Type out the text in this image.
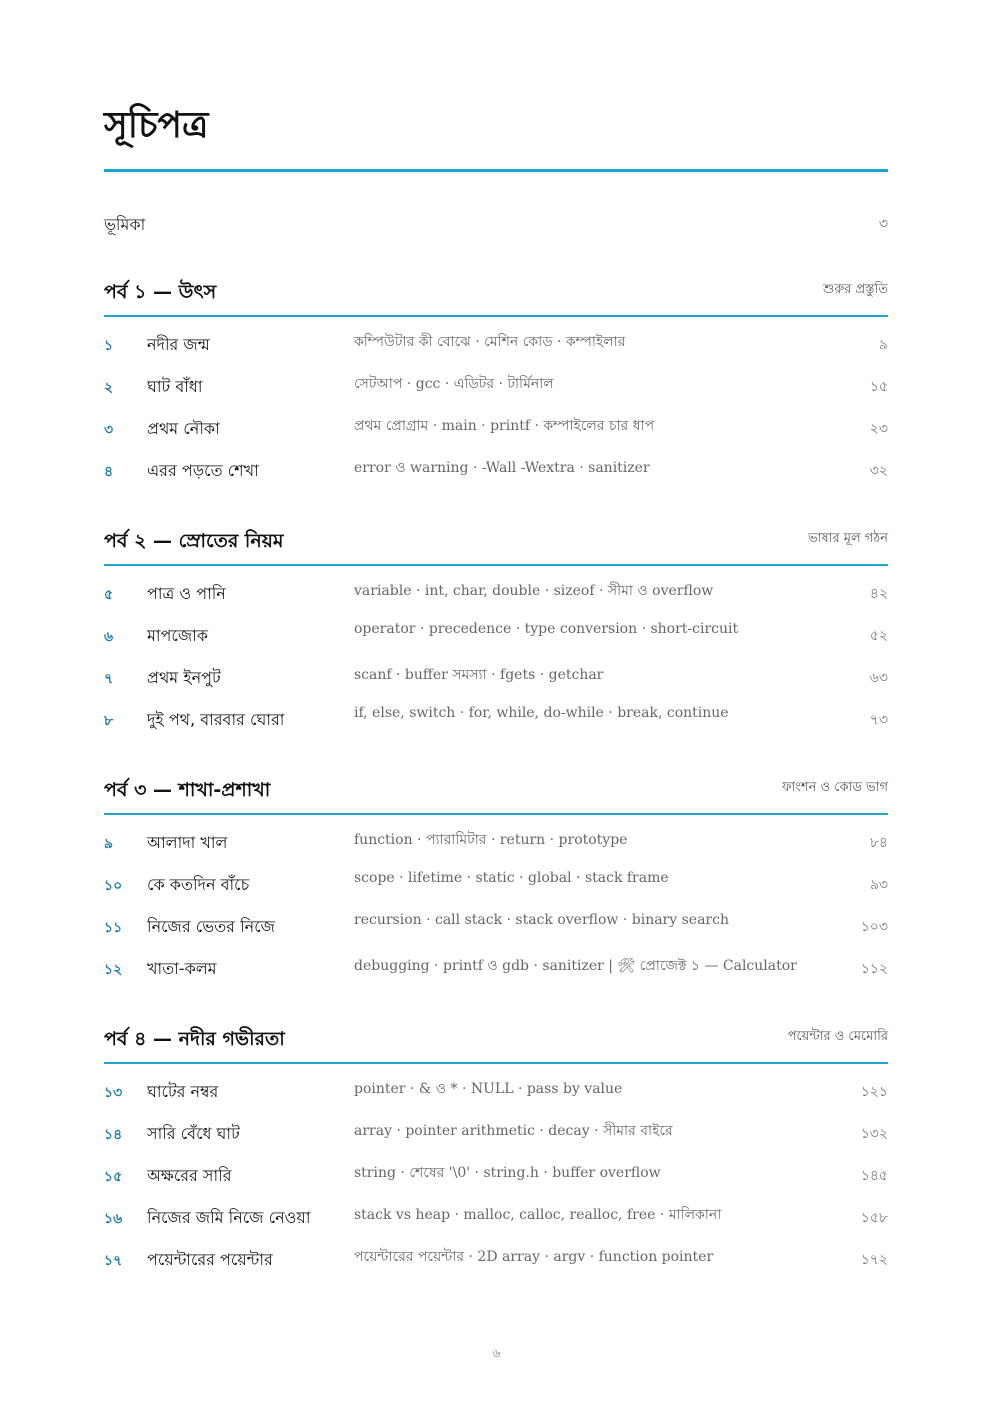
সূচিপত্র
ভূমিকা	৩
পর্ব ১ — উৎস	শুরুর প্রস্তুতি
১ নদীর জন্ম	কম্পিউটার কী বোঝে · মেশিন কোড · কম্পাইলার	৯
২ ঘাট বাঁধা	সেটআপ · gcc · এডিটর · টার্মিনাল	১৫
৩ প্রথম নৌকা	প্রথম প্রোগ্রাম · main · printf · কম্পাইলের চার ধাপ	২৩
৪ এরর পড়তে শেখা	error ও warning · -Wall -Wextra · sanitizer	৩২
পর্ব ২ — স্রোতের নিয়ম	ভাষার মূল গঠন
৫ পাত্র ও পানি	variable · int, char, double · sizeof · সীমা ও overflow	৪২
৬ মাপজোক	operator · precedence · type conversion · short-circuit	৫২
৭ প্রথম ইনপুট	scanf · buffer সমস্যা · fgets · getchar	৬৩
৮ দুই পথ, বারবার ঘোরা	if, else, switch · for, while, do-while · break, continue	৭৩
পর্ব ৩ — শাখা-প্রশাখা	ফাংশন ও কোড ভাগ
৯ আলাদা খাল	function · প্যারামিটার · return · prototype	৮৪
১০ কে কতদিন বাঁচে	scope · lifetime · static · global · stack frame	৯৩
১১ নিজের ভেতর নিজে	recursion · call stack · stack overflow · binary search	১০৩
১২ খাতা-কলম	debugging · printf ও gdb · sanitizer | 🛠 প্রোজেক্ট ১ — Calculator	১১২
পর্ব ৪ — নদীর গভীরতা	পয়েন্টার ও মেমোরি
১৩ ঘাটের নম্বর	pointer · & ও * · NULL · pass by value	১২১
১৪ সারি বেঁধে ঘাট	array · pointer arithmetic · decay · সীমার বাইরে	১৩২
১৫ অক্ষরের সারি	string · শেষের '\0' · string.h · buffer overflow	১৪৫
১৬ নিজের জমি নিজে নেওয়া	stack vs heap · malloc, calloc, realloc, free · মালিকানা	১৫৮
১৭ পয়েন্টারের পয়েন্টার	পয়েন্টারের পয়েন্টার · 2D array · argv · function pointer	১৭২
৬
